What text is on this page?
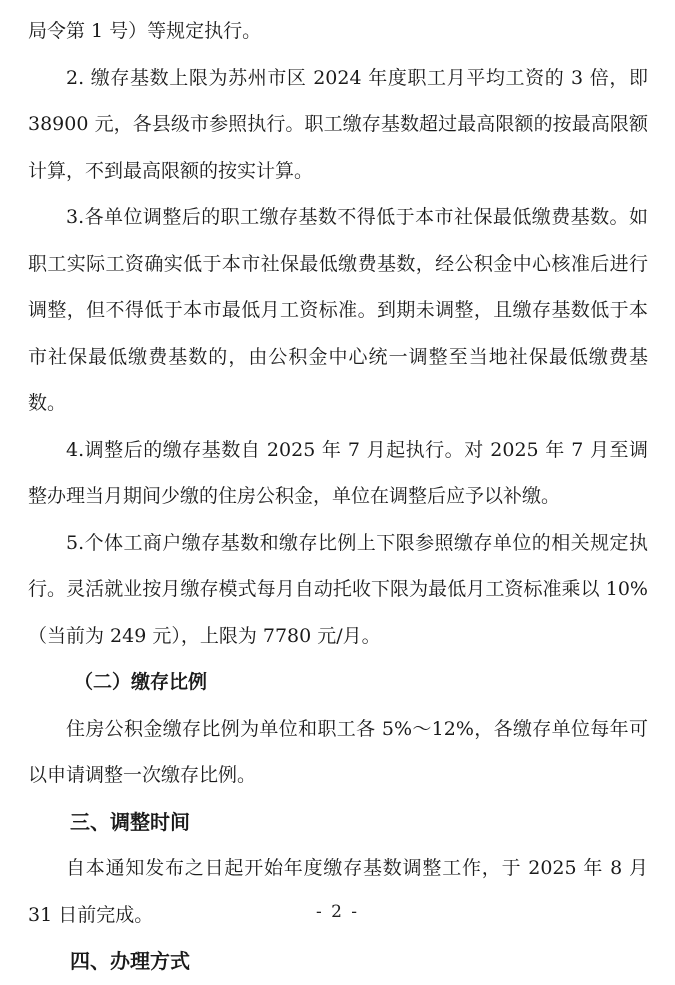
局令第 1 号）等规定执行。

2. 缴存基数上限为苏州市区 2024 年度职工月平均工资的 3 倍，即 38900 元，各县级市参照执行。职工缴存基数超过最高限额的按最高限额计算，不到最高限额的按实计算。

3.各单位调整后的职工缴存基数不得低于本市社保最低缴费基数。如职工实际工资确实低于本市社保最低缴费基数，经公积金中心核准后进行调整，但不得低于本市最低月工资标准。到期未调整，且缴存基数低于本市社保最低缴费基数的，由公积金中心统一调整至当地社保最低缴费基数。

4.调整后的缴存基数自 2025 年 7 月起执行。对 2025 年 7 月至调整办理当月期间少缴的住房公积金，单位在调整后应予以补缴。

5.个体工商户缴存基数和缴存比例上下限参照缴存单位的相关规定执行。灵活就业按月缴存模式每月自动托收下限为最低月工资标准乘以 10%（当前为 249 元），上限为 7780 元/月。

（二）缴存比例

住房公积金缴存比例为单位和职工各 5%～12%，各缴存单位每年可以申请调整一次缴存比例。

三、调整时间

自本通知发布之日起开始年度缴存基数调整工作，于 2025 年 8 月 31 日前完成。

四、办理方式

- 2 -
